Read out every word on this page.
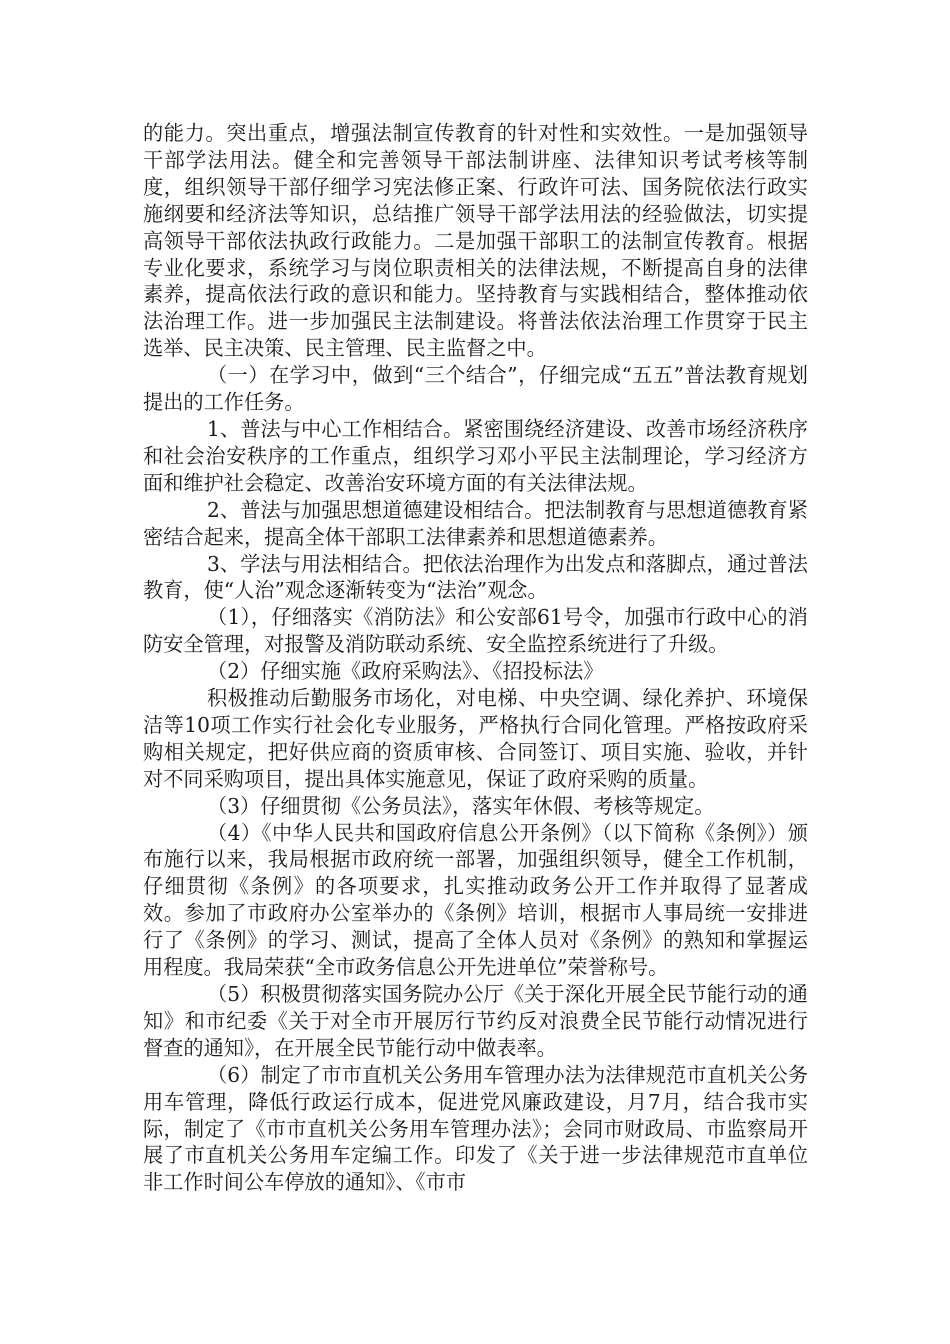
的能力。突出重点，增强法制宣传教育的针对性和实效性。一是加强领导干部学法用法。健全和完善领导干部法制讲座、法律知识考试考核等制度，组织领导干部仔细学习宪法修正案、行政许可法、国务院依法行政实施纲要和经济法等知识，总结推广领导干部学法用法的经验做法，切实提高领导干部依法执政行政能力。二是加强干部职工的法制宣传教育。根据专业化要求，系统学习与岗位职责相关的法律法规，不断提高自身的法律素养，提高依法行政的意识和能力。坚持教育与实践相结合，整体推动依法治理工作。进一步加强民主法制建设。将普法依法治理工作贯穿于民主选举、民主决策、民主管理、民主监督之中。

（一）在学习中，做到“三个结合”，仔细完成“五五”普法教育规划提出的工作任务。

1、普法与中心工作相结合。紧密围绕经济建设、改善市场经济秩序和社会治安秩序的工作重点，组织学习邓小平民主法制理论，学习经济方面和维护社会稳定、改善治安环境方面的有关法律法规。

2、普法与加强思想道德建设相结合。把法制教育与思想道德教育紧密结合起来，提高全体干部职工法律素养和思想道德素养。

3、学法与用法相结合。把依法治理作为出发点和落脚点，通过普法教育，使“人治”观念逐渐转变为“法治”观念。

（1），仔细落实《消防法》和公安部61号令，加强市行政中心的消防安全管理，对报警及消防联动系统、安全监控系统进行了升级。

（2）仔细实施《政府采购法》、《招投标法》

积极推动后勤服务市场化，对电梯、中央空调、绿化养护、环境保洁等10项工作实行社会化专业服务，严格执行合同化管理。严格按政府采购相关规定，把好供应商的资质审核、合同签订、项目实施、验收，并针对不同采购项目，提出具体实施意见，保证了政府采购的质量。

（3）仔细贯彻《公务员法》，落实年休假、考核等规定。

（4）《中华人民共和国政府信息公开条例》（以下简称《条例》）颁布施行以来，我局根据市政府统一部署，加强组织领导，健全工作机制，仔细贯彻《条例》的各项要求，扎实推动政务公开工作并取得了显著成效。参加了市政府办公室举办的《条例》培训，根据市人事局统一安排进行了《条例》的学习、测试，提高了全体人员对《条例》的熟知和掌握运用程度。我局荣获“全市政务信息公开先进单位”荣誉称号。

（5）积极贯彻落实国务院办公厅《关于深化开展全民节能行动的通知》和市纪委《关于对全市开展厉行节约反对浪费全民节能行动情况进行督查的通知》，在开展全民节能行动中做表率。

（6）制定了市市直机关公务用车管理办法为法律规范市直机关公务用车管理，降低行政运行成本，促进党风廉政建设，月7月，结合我市实际，制定了《市市直机关公务用车管理办法》；会同市财政局、市监察局开展了市直机关公务用车定编工作。印发了《关于进一步法律规范市直单位非工作时间公车停放的通知》、《市市
